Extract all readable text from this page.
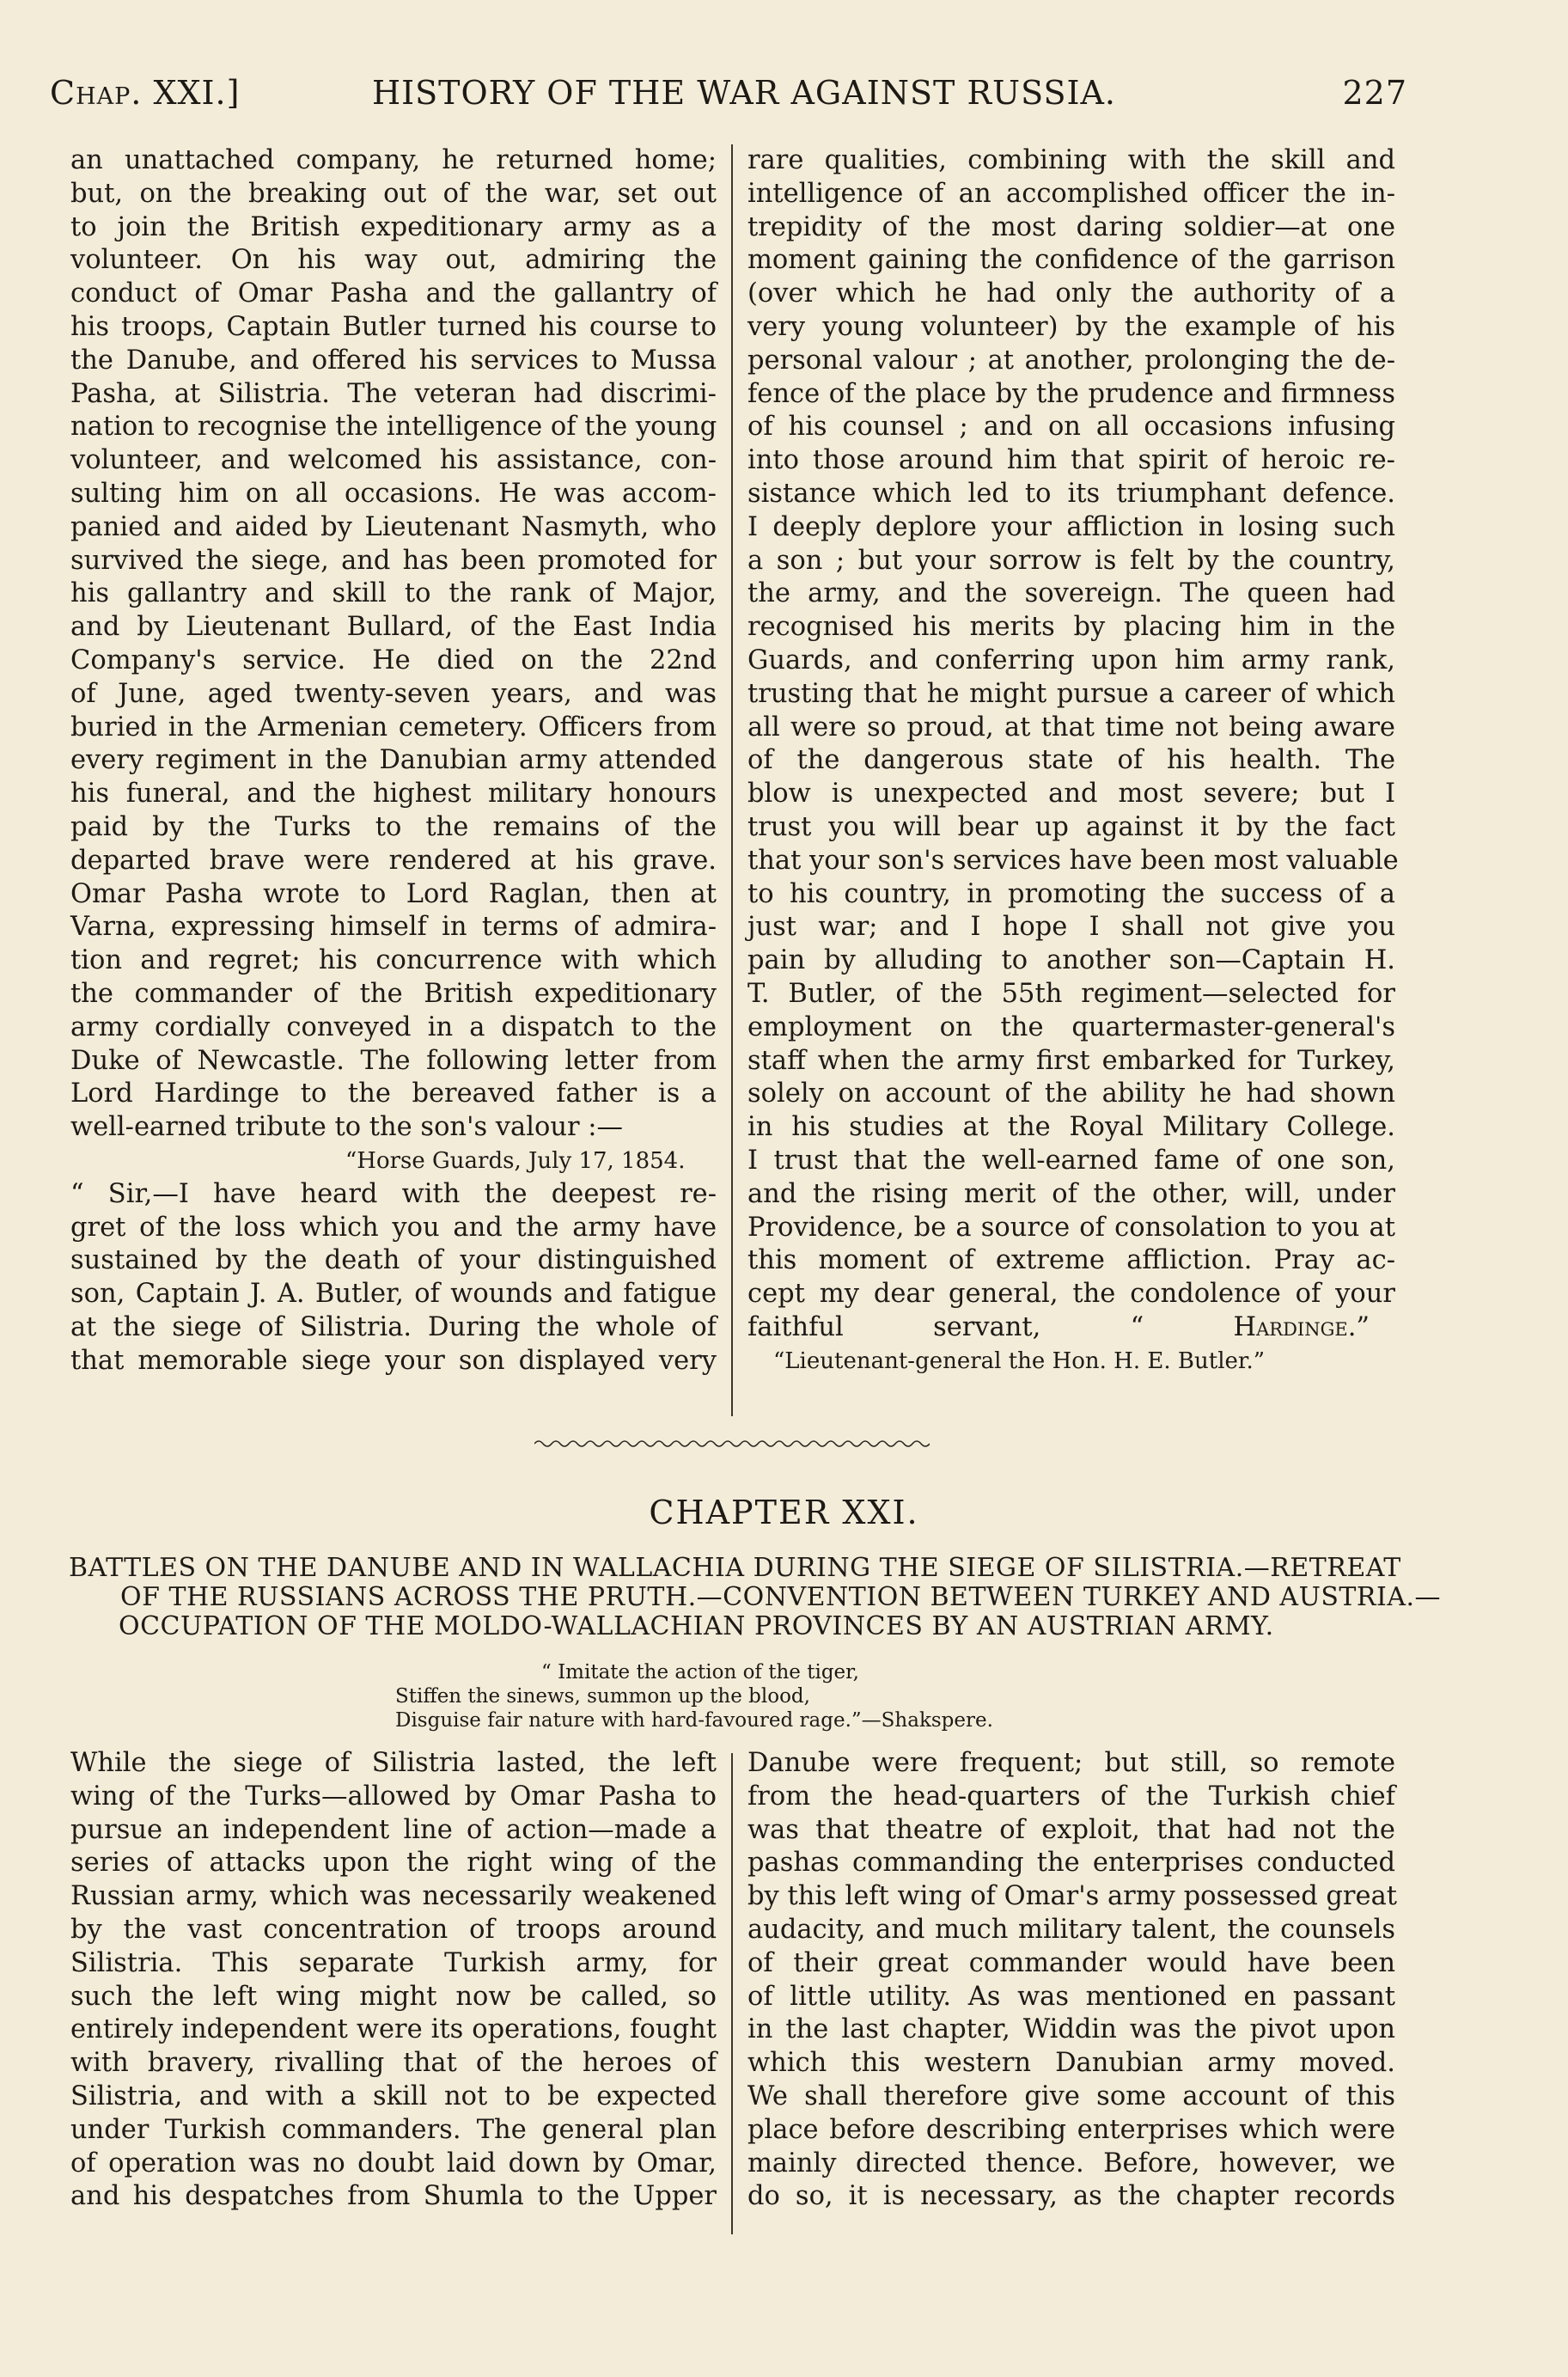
Chap. XXI.]	HISTORY OF THE WAR AGAINST RUSSIA.	227
an unattached company, he returned home;
but, on the breaking out of the war, set out
to join the British expeditionary army as a
volunteer. On his way out, admiring the
conduct of Omar Pasha and the gallantry of
his troops, Captain Butler turned his course to
the Danube, and offered his services to Mussa
Pasha, at Silistria. The veteran had discrimi-
nation to recognise the intelligence of the young
volunteer, and welcomed his assistance, con-
sulting him on all occasions. He was accom-
panied and aided by Lieutenant Nasmyth, who
survived the siege, and has been promoted for
his gallantry and skill to the rank of Major,
and by Lieutenant Bullard, of the East India
Company's service. He died on the 22nd
of June, aged twenty-seven years, and was
buried in the Armenian cemetery. Officers from
every regiment in the Danubian army attended
his funeral, and the highest military honours
paid by the Turks to the remains of the
departed brave were rendered at his grave.
Omar Pasha wrote to Lord Raglan, then at
Varna, expressing himself in terms of admira-
tion and regret; his concurrence with which
the commander of the British expeditionary
army cordially conveyed in a dispatch to the
Duke of Newcastle. The following letter from
Lord Hardinge to the bereaved father is a
well-earned tribute to the son's valour :—

“Horse Guards, July 17, 1854.

“ Sir,—I have heard with the deepest re-
gret of the loss which you and the army have
sustained by the death of your distinguished
son, Captain J. A. Butler, of wounds and fatigue
at the siege of Silistria. During the whole of
that memorable siege your son displayed very
rare qualities, combining with the skill and
intelligence of an accomplished officer the in-
trepidity of the most daring soldier—at one
moment gaining the confidence of the garrison
(over which he had only the authority of a
very young volunteer) by the example of his
personal valour ; at another, prolonging the de-
fence of the place by the prudence and firmness
of his counsel ; and on all occasions infusing
into those around him that spirit of heroic re-
sistance which led to its triumphant defence.
I deeply deplore your affliction in losing such
a son ; but your sorrow is felt by the country,
the army, and the sovereign. The queen had
recognised his merits by placing him in the
Guards, and conferring upon him army rank,
trusting that he might pursue a career of which
all were so proud, at that time not being aware
of the dangerous state of his health. The
blow is unexpected and most severe; but I
trust you will bear up against it by the fact
that your son's services have been most valuable
to his country, in promoting the success of a
just war; and I hope I shall not give you
pain by alluding to another son—Captain H.
T. Butler, of the 55th regiment—selected for
employment on the quartermaster-general's
staff when the army first embarked for Turkey,
solely on account of the ability he had shown
in his studies at the Royal Military College.
I trust that the well-earned fame of one son,
and the rising merit of the other, will, under
Providence, be a source of consolation to you at
this moment of extreme affliction. Pray ac-
cept my dear general, the condolence of your
faithful servant,	“ Hardinge.”

“Lieutenant-general the Hon. H. E. Butler.”

CHAPTER XXI.
BATTLES ON THE DANUBE AND IN WALLACHIA DURING THE SIEGE OF SILISTRIA.—RETREAT
OF THE RUSSIANS ACROSS THE PRUTH.—CONVENTION BETWEEN TURKEY AND AUSTRIA.—
OCCUPATION OF THE MOLDO-WALLACHIAN PROVINCES BY AN AUSTRIAN ARMY.
“ Imitate the action of the tiger,
Stiffen the sinews, summon up the blood,
Disguise fair nature with hard-favoured rage.”—Shakspere.
While the siege of Silistria lasted, the left
wing of the Turks—allowed by Omar Pasha to
pursue an independent line of action—made a
series of attacks upon the right wing of the
Russian army, which was necessarily weakened
by the vast concentration of troops around
Silistria. This separate Turkish army, for
such the left wing might now be called, so
entirely independent were its operations, fought
with bravery, rivalling that of the heroes of
Silistria, and with a skill not to be expected
under Turkish commanders. The general plan
of operation was no doubt laid down by Omar,
and his despatches from Shumla to the Upper
Danube were frequent; but still, so remote
from the head-quarters of the Turkish chief
was that theatre of exploit, that had not the
pashas commanding the enterprises conducted
by this left wing of Omar's army possessed great
audacity, and much military talent, the counsels
of their great commander would have been
of little utility. As was mentioned en passant
in the last chapter, Widdin was the pivot upon
which this western Danubian army moved.
We shall therefore give some account of this
place before describing enterprises which were
mainly directed thence. Before, however, we
do so, it is necessary, as the chapter records
